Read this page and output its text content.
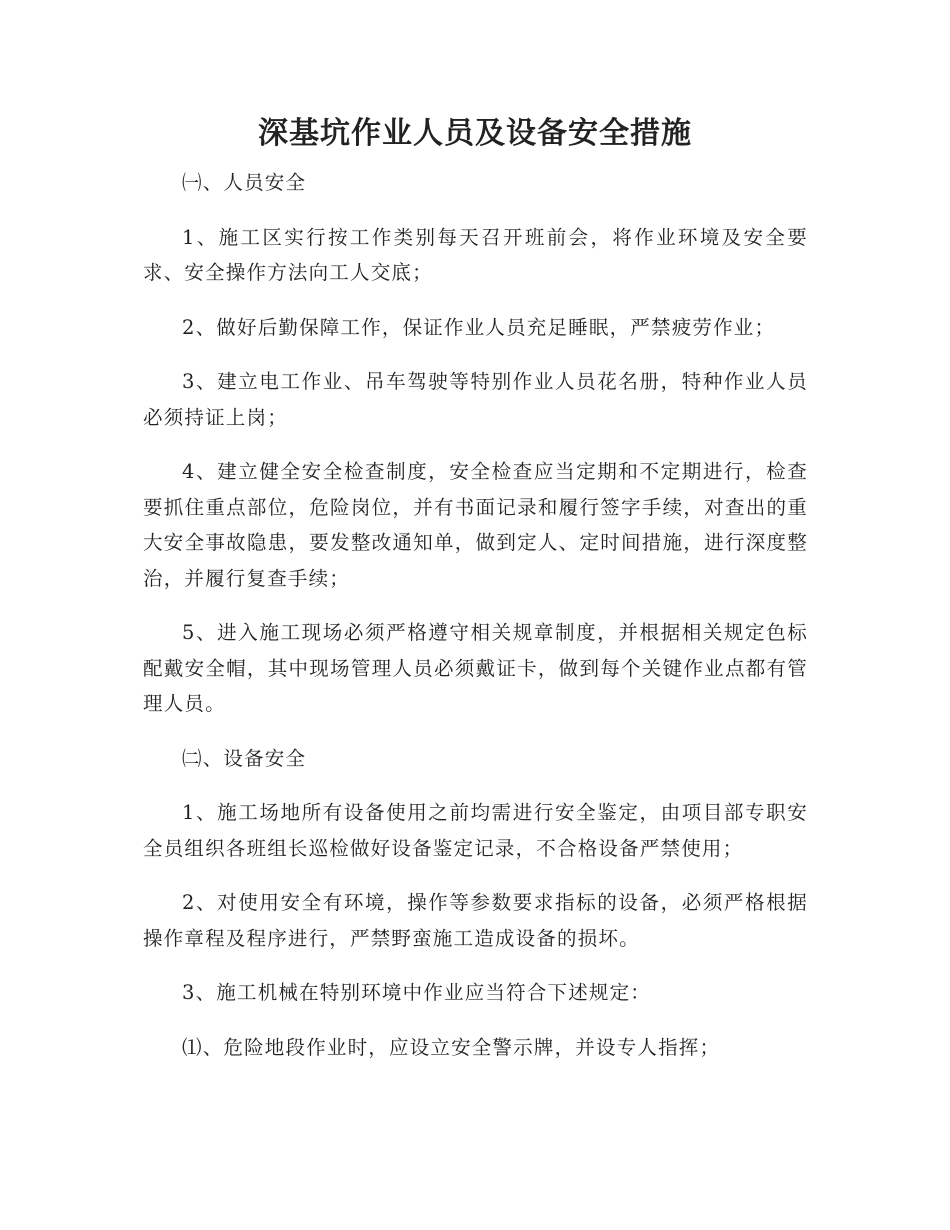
深基坑作业人员及设备安全措施

㈠、人员安全

1、施工区实行按工作类别每天召开班前会，将作业环境及安全要求、安全操作方法向工人交底；

2、做好后勤保障工作，保证作业人员充足睡眠，严禁疲劳作业；

3、建立电工作业、吊车驾驶等特别作业人员花名册，特种作业人员必须持证上岗；

4、建立健全安全检查制度，安全检查应当定期和不定期进行，检查要抓住重点部位，危险岗位，并有书面记录和履行签字手续，对查出的重大安全事故隐患，要发整改通知单，做到定人、定时间措施，进行深度整治，并履行复查手续；

5、进入施工现场必须严格遵守相关规章制度，并根据相关规定色标配戴安全帽，其中现场管理人员必须戴证卡，做到每个关键作业点都有管理人员。

㈡、设备安全

1、施工场地所有设备使用之前均需进行安全鉴定，由项目部专职安全员组织各班组长巡检做好设备鉴定记录，不合格设备严禁使用；

2、对使用安全有环境，操作等参数要求指标的设备，必须严格根据操作章程及程序进行，严禁野蛮施工造成设备的损坏。

3、施工机械在特别环境中作业应当符合下述规定：

⑴、危险地段作业时，应设立安全警示牌，并设专人指挥；
